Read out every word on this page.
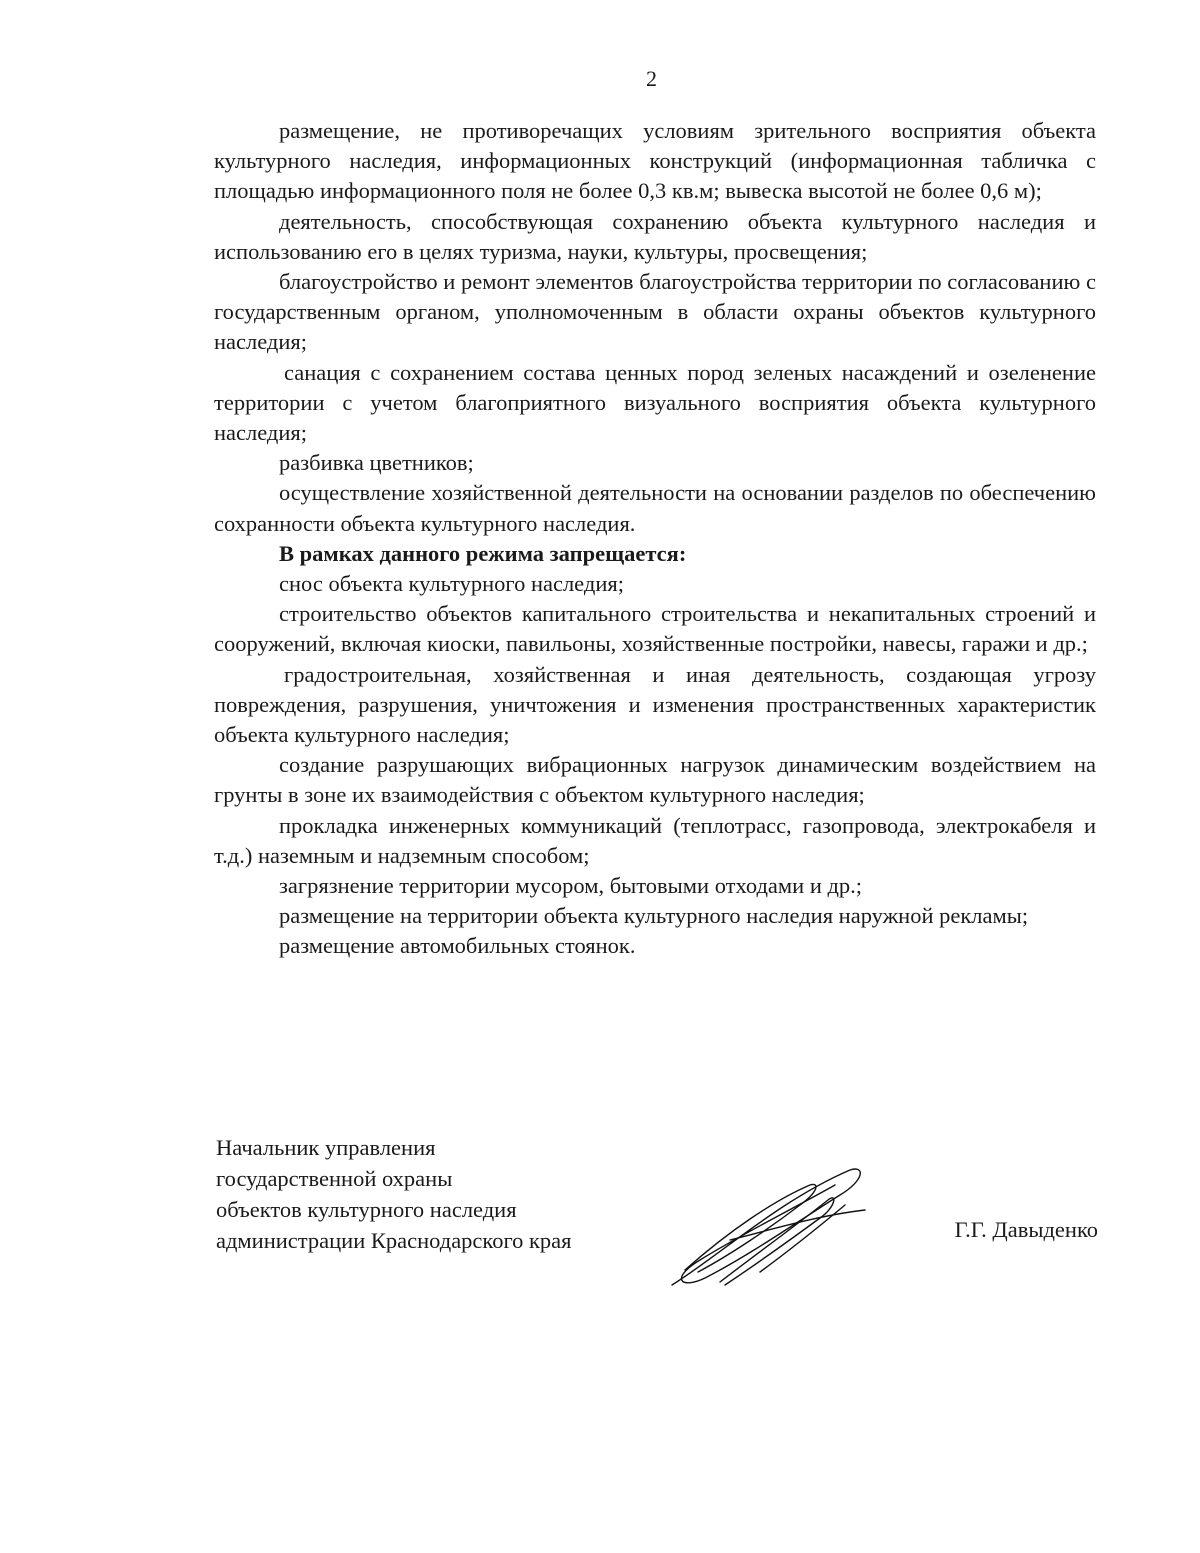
2

размещение, не противоречащих условиям зрительного восприятия объекта культурного наследия, информационных конструкций (информационная табличка с площадью информационного поля не более 0,3 кв.м; вывеска высотой не более 0,6 м);

деятельность, способствующая сохранению объекта культурного наследия и использованию его в целях туризма, науки, культуры, просвещения;

благоустройство и ремонт элементов благоустройства территории по согласованию с государственным органом, уполномоченным в области охраны объектов культурного наследия;

санация с сохранением состава ценных пород зеленых насаждений и озеленение территории с учетом благоприятного визуального восприятия объекта культурного наследия;

разбивка цветников;

осуществление хозяйственной деятельности на основании разделов по обеспечению сохранности объекта культурного наследия.

В рамках данного режима запрещается:

снос объекта культурного наследия;

строительство объектов капитального строительства и некапитальных строений и сооружений, включая киоски, павильоны, хозяйственные постройки, навесы, гаражи и др.;

градостроительная, хозяйственная и иная деятельность, создающая угрозу повреждения, разрушения, уничтожения и изменения пространственных характеристик объекта культурного наследия;

создание разрушающих вибрационных нагрузок динамическим воздействием на грунты в зоне их взаимодействия с объектом культурного наследия;

прокладка инженерных коммуникаций (теплотрасс, газопровода, электрокабеля и т.д.) наземным и надземным способом;

загрязнение территории мусором, бытовыми отходами и др.;

размещение на территории объекта культурного наследия наружной рекламы;

размещение автомобильных стоянок.

Начальник управления
государственной охраны
объектов культурного наследия
администрации Краснодарского края	Г.Г. Давыденко
